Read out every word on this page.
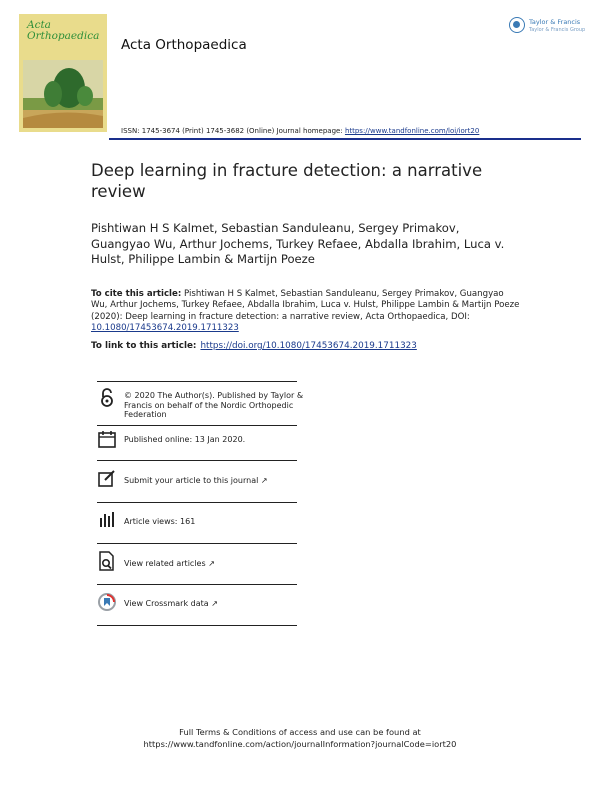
Acta
Orthopaedica
Acta Orthopaedica
Taylor & Francis
Taylor & Francis Group
ISSN: 1745-3674 (Print) 1745-3682 (Online) Journal homepage: https://www.tandfonline.com/loi/iort20
Deep learning in fracture detection: a narrative review
Pishtiwan H S Kalmet, Sebastian Sanduleanu, Sergey Primakov, Guangyao Wu, Arthur Jochems, Turkey Refaee, Abdalla Ibrahim, Luca v. Hulst, Philippe Lambin & Martijn Poeze
To cite this article: Pishtiwan H S Kalmet, Sebastian Sanduleanu, Sergey Primakov, Guangyao Wu, Arthur Jochems, Turkey Refaee, Abdalla Ibrahim, Luca v. Hulst, Philippe Lambin & Martijn Poeze (2020): Deep learning in fracture detection: a narrative review, Acta Orthopaedica, DOI: 10.1080/17453674.2019.1711323
To link to this article: https://doi.org/10.1080/17453674.2019.1711323
© 2020 The Author(s). Published by Taylor & Francis on behalf of the Nordic Orthopedic Federation
Published online: 13 Jan 2020.
Submit your article to this journal ↗
Article views: 161
View related articles ↗
View Crossmark data ↗
Full Terms & Conditions of access and use can be found at
https://www.tandfonline.com/action/journalInformation?journalCode=iort20
